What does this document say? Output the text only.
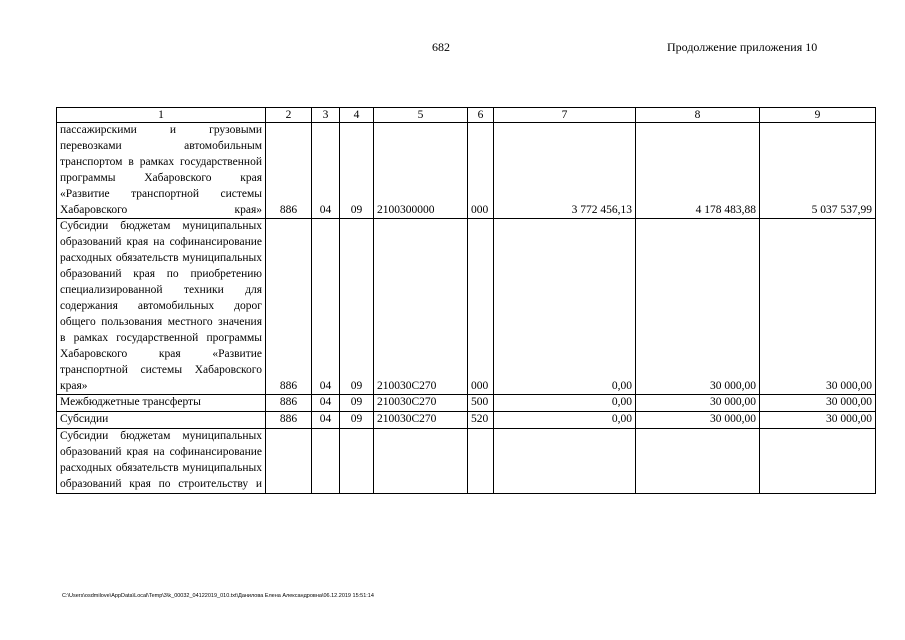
682	Продолжение приложения 10
1	2	3	4	5	6	7	8	9
пассажирскими и грузовыми перевозками автомобильным транспортом в рамках государственной программы Хабаровского края «Развитие транспортной системы Хабаровского края»	886	04	09	2100300000	000	3 772 456,13	4 178 483,88	5 037 537,99
Субсидии бюджетам муниципальных образований края на софинансирование расходных обязательств муниципальных образований края по приобретению специализированной техники для содержания автомобильных дорог общего пользования местного значения в рамках государственной программы Хабаровского края «Развитие транспортной системы Хабаровского края»	886	04	09	210030С270	000	0,00	30 000,00	30 000,00
Межбюджетные трансферты	886	04	09	210030С270	500	0,00	30 000,00	30 000,00
Субсидии	886	04	09	210030С270	520	0,00	30 000,00	30 000,00
Субсидии бюджетам муниципальных образований края на софинансирование расходных обязательств муниципальных образований края по строительству и								
C:\Users\osdmilove\AppData\Local\Temp\3\k_00032_04122019_010.txt\Данилова Елена Александровна\06.12.2019 15:51:14
